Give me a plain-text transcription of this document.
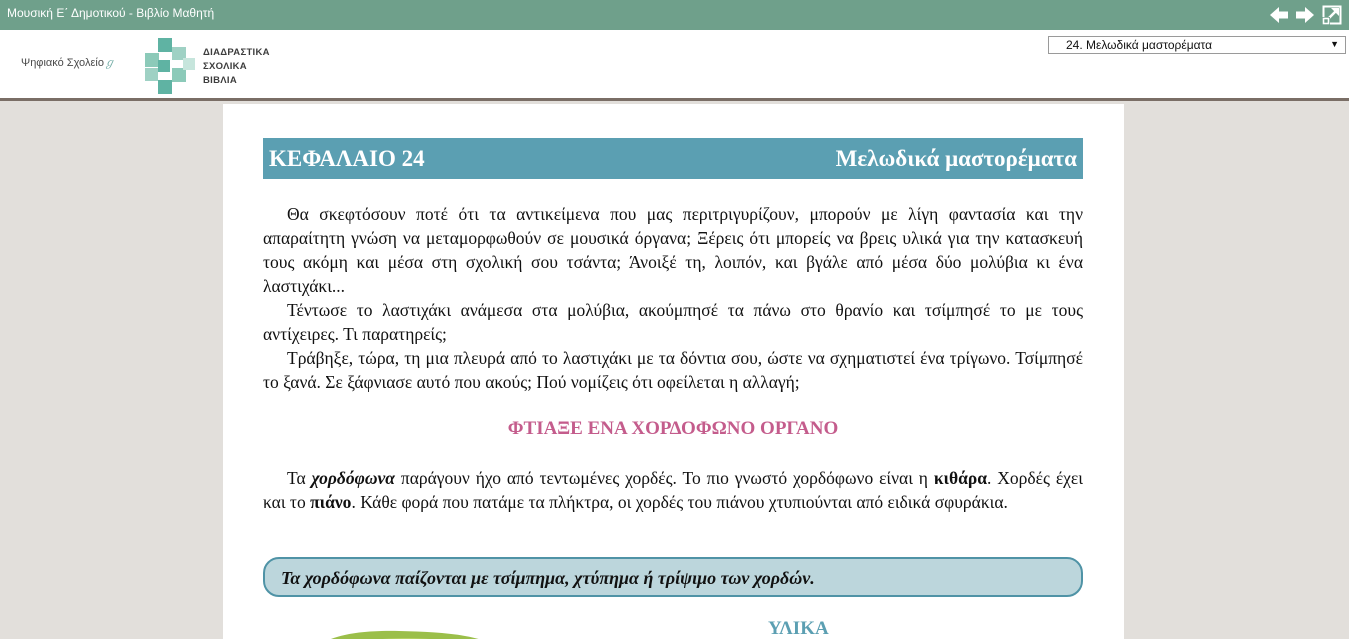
Μουσική Ε΄ Δημοτικού - Βιβλίο Μαθητή
Ψηφιακό Σχολείοℊ
ΔΙΑΔΡΑΣΤΙΚΑ
ΣΧΟΛΙΚΑ
ΒΙΒΛΙΑ
24. Μελωδικά μαστορέματα	▼
ΚΕΦΑΛΑΙΟ 24	Μελωδικά μαστορέματα

Θα σκεφτόσουν ποτέ ότι τα αντικείμενα που μας περιτριγυρίζουν, μπορούν με λίγη φαντασία και την απαραίτητη γνώση να μεταμορφωθούν σε μουσικά όργανα; Ξέρεις ότι μπορείς να βρεις υλικά για την κατασκευή τους ακόμη και μέσα στη σχολική σου τσάντα; Άνοιξέ τη, λοιπόν, και βγάλε από μέσα δύο μολύβια κι ένα λαστιχάκι...

Τέντωσε το λαστιχάκι ανάμεσα στα μολύβια, ακούμπησέ τα πάνω στο θρανίο και τσίμπησέ το με τους αντίχειρες. Τι παρατηρείς;

Τράβηξε, τώρα, τη μια πλευρά από το λαστιχάκι με τα δόντια σου, ώστε να σχηματιστεί ένα τρίγωνο. Τσίμπησέ το ξανά. Σε ξάφνιασε αυτό που ακούς; Πού νομίζεις ότι οφείλεται η αλλαγή;

ΦΤΙΑΞΕ ΕΝΑ ΧΟΡΔΟΦΩΝΟ ΟΡΓΑΝΟ

Τα χορδόφωνα παράγουν ήχο από τεντωμένες χορδές. Το πιο γνωστό χορδόφωνο είναι η κιθάρα. Χορδές έχει και το πιάνο. Κάθε φορά που πατάμε τα πλήκτρα, οι χορδές του πιάνου χτυπιούνται από ειδικά σφυράκια.

Τα χορδόφωνα παίζονται με τσίμπημα, χτύπημα ή τρίψιμο των χορδών.
ΥΛΙΚΑ
